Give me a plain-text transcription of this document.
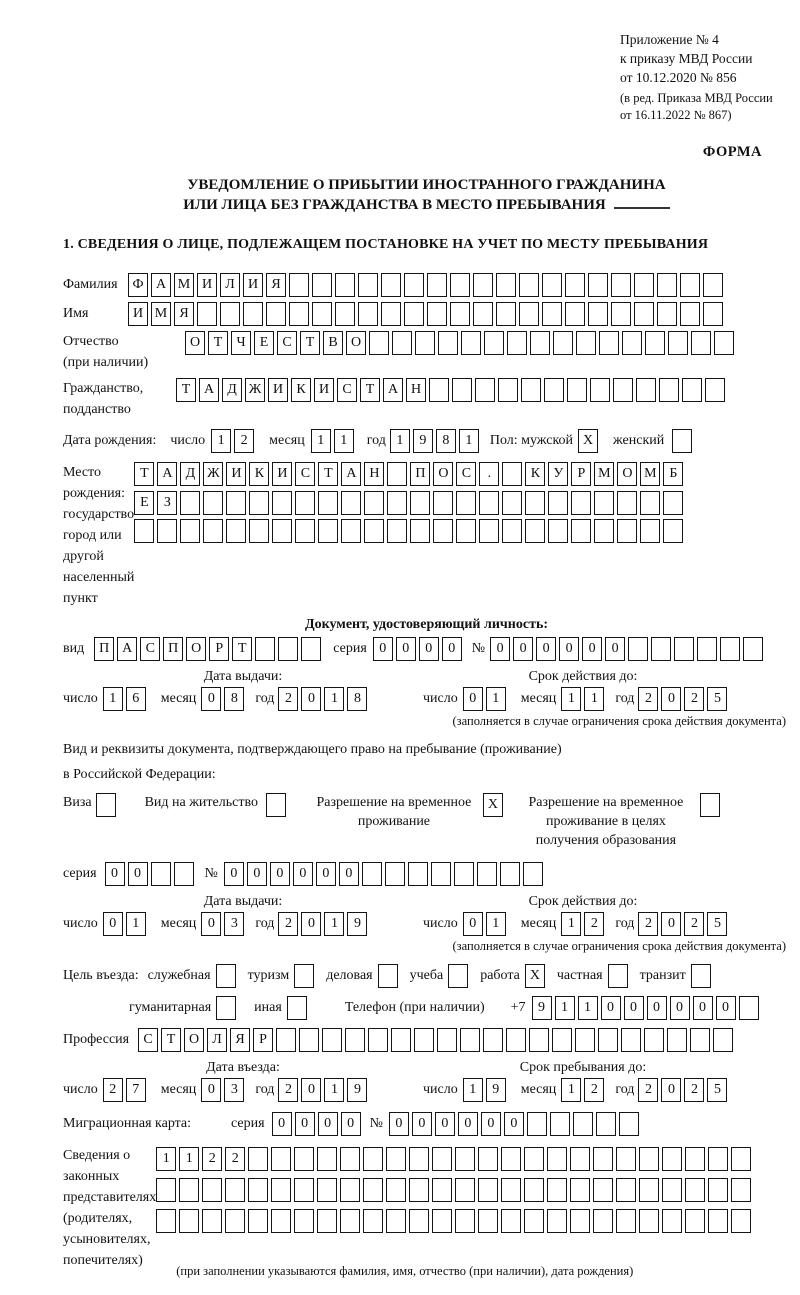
Приложение № 4
к приказу МВД России
от 10.12.2020 № 856
(в ред. Приказа МВД России
от 16.11.2022 № 867)
ФОРМА
УВЕДОМЛЕНИЕ О ПРИБЫТИИ ИНОСТРАННОГО ГРАЖДАНИНА
ИЛИ ЛИЦА БЕЗ ГРАЖДАНСТВА В МЕСТО ПРЕБЫВАНИЯ
1. СВЕДЕНИЯ О ЛИЦЕ, ПОДЛЕЖАЩЕМ ПОСТАНОВКЕ НА УЧЕТ ПО МЕСТУ ПРЕБЫВАНИЯ
Фамилия	Ф А М И Л И Я
Имя	И М Я
Отчество
(при наличии)
О Т	Ч	Е	С	Т	В О
Гражданство,
подданство
Т А Д Ж И К И С	Т А Н
Дата рождения: число 1	2	месяц 1	1	год 1	9	8	1	Пол: мужской X	женский
Место рождения:
государство
город или другой
населенный пункт
Т А Д Ж И К И С	Т А Н	П О С	.	К У	Р М О М Б

Е	З

Документ, удостоверяющий личность:
вид	П А С П О	Р	Т	серия 0	0	0	0	№ 0	0	0	0	0	0
Дата выдачи:	Срок действия до:
число 1	6	месяц 0	8	год 2	0	1	8	число 0	1	месяц 1	1	год 2	0	2	5
(заполняется в случае ограничения срока действия документа)
Вид и реквизиты документа, подтверждающего право на пребывание (проживание)
в Российской Федерации:
Виза	Вид на жительство	Разрешение на временное проживание
X	Разрешение на временное проживание в целях получения образования
серия	0	0	№ 0	0	0	0	0	0
Дата выдачи:	Срок действия до:
число 0	1	месяц 0	3	год 2	0	1	9	число 0	1	месяц 1	2	год 2	0	2	5
(заполняется в случае ограничения срока действия документа)
Цель въезда: служебная	туризм	деловая	учеба	работа X	частная	транзит
гуманитарная	иная	Телефон (при наличии) +7 9	1	1	0	0	0	0	0	0
Профессия	С	Т О Л Я	Р
Дата въезда:	Срок пребывания до:
число 2	7	месяц 0	3	год 2	0	1	9	число 1	9	месяц 1	2	год 2	0	2	5
Миграционная карта:	серия 0	0	0	0	№ 0	0	0	0	0	0
Сведения о
законных
представителях
(родителях,
усыновителях,
попечителях)
1	1	2	2

(при заполнении указываются фамилия, имя, отчество (при наличии), дата рождения)
